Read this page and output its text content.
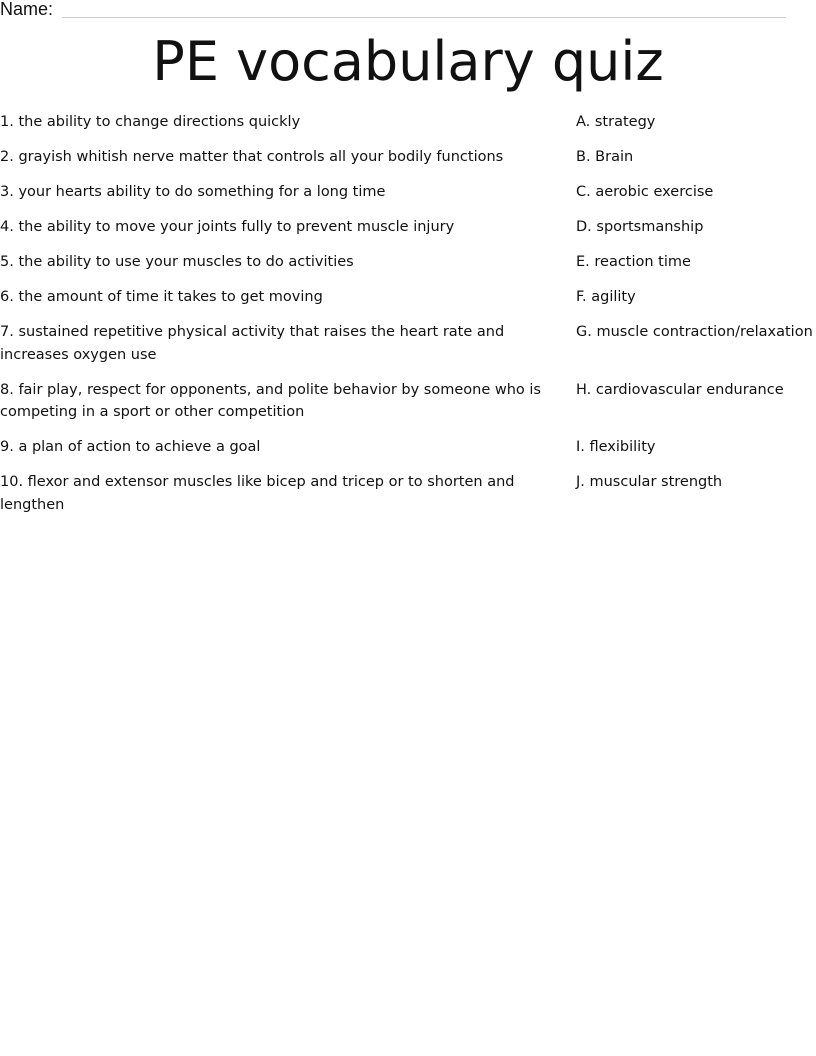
Name:
PE vocabulary quiz
1. the ability to change directions quickly
2. grayish whitish nerve matter that controls all your bodily functions
3. your hearts ability to do something for a long time
4. the ability to move your joints fully to prevent muscle injury
5. the ability to use your muscles to do activities
6. the amount of time it takes to get moving
7. sustained repetitive physical activity that raises the heart rate and increases oxygen use
8. fair play, respect for opponents, and polite behavior by someone who is competing in a sport or other competition
9. a plan of action to achieve a goal
10. flexor and extensor muscles like bicep and tricep or to shorten and lengthen
A. strategy
B. Brain
C. aerobic exercise
D. sportsmanship
E. reaction time
F. agility
G. muscle contraction/relaxation
H. cardiovascular endurance
I. flexibility
J. muscular strength
